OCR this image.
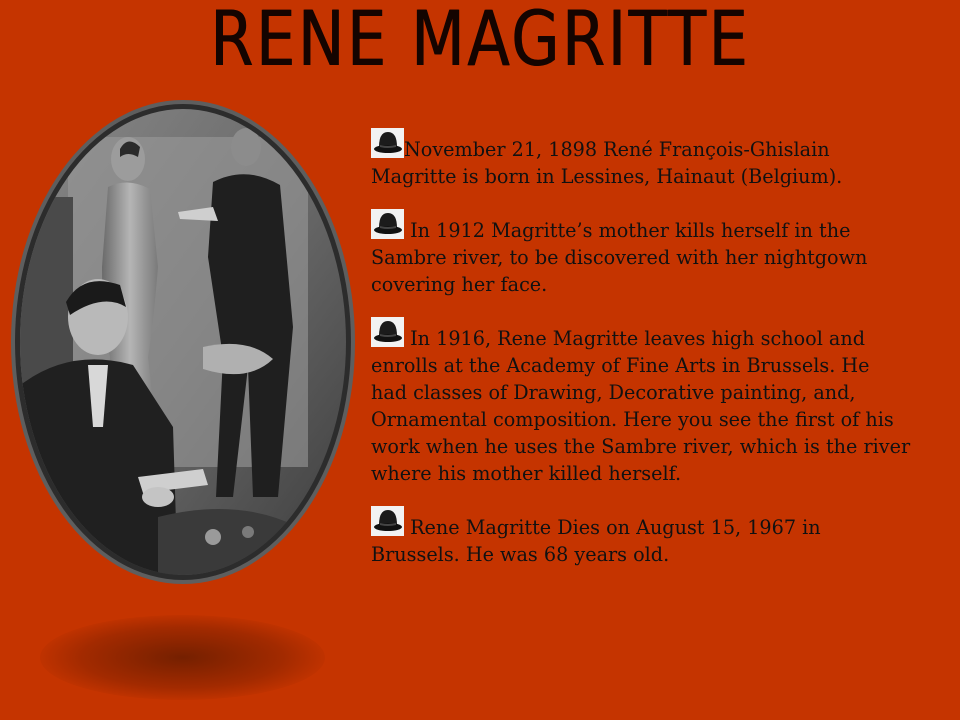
RENE MAGRITTE

November 21, 1898 René François-Ghislain Magritte is born in Lessines, Hainaut (Belgium).

In 1912 Magritte’s mother kills herself in the Sambre river, to be discovered with her nightgown covering her face.

In 1916, Rene Magritte leaves high school and enrolls at the Academy of Fine Arts in Brussels. He had classes of Drawing, Decorative painting, and, Ornamental composition. Here you see the first of his work when he uses the Sambre river, which is the river where his mother killed herself.

Rene Magritte Dies on August 15, 1967 in Brussels. He was 68 years old.
